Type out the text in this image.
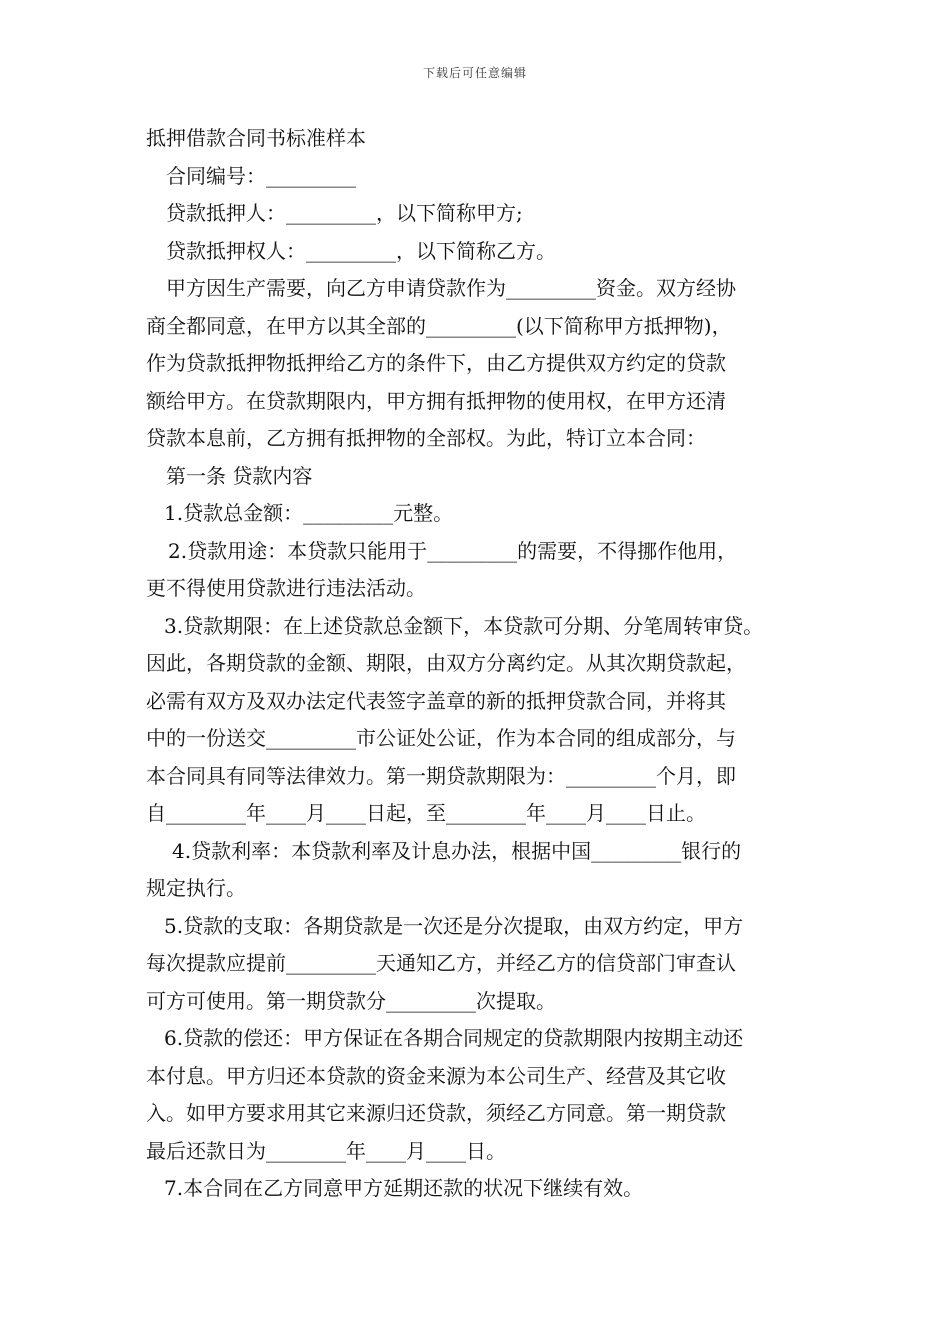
下载后可任意编辑

抵押借款合同书标准样本

合同编号：_________

贷款抵押人：_________，以下简称甲方;

贷款抵押权人：_________，以下简称乙方。

甲方因生产需要，向乙方申请贷款作为_________资金。双方经协

商全都同意，在甲方以其全部的_________(以下简称甲方抵押物)，

作为贷款抵押物抵押给乙方的条件下，由乙方提供双方约定的贷款

额给甲方。在贷款期限内，甲方拥有抵押物的使用权，在甲方还清

贷款本息前，乙方拥有抵押物的全部权。为此，特订立本合同：

第一条 贷款内容

1.贷款总金额：_________元整。

2.贷款用途：本贷款只能用于_________的需要，不得挪作他用，

更不得使用贷款进行违法活动。

3.贷款期限：在上述贷款总金额下，本贷款可分期、分笔周转审贷。

因此，各期贷款的金额、期限，由双方分离约定。从其次期贷款起，

必需有双方及双办法定代表签字盖章的新的抵押贷款合同，并将其

中的一份送交_________市公证处公证，作为本合同的组成部分，与

本合同具有同等法律效力。第一期贷款期限为：_________个月，即

自________年____月____日起，至________年____月____日止。

4.贷款利率：本贷款利率及计息办法，根据中国_________银行的

规定执行。

5.贷款的支取：各期贷款是一次还是分次提取，由双方约定，甲方

每次提款应提前_________天通知乙方，并经乙方的信贷部门审查认

可方可使用。第一期贷款分_________次提取。

6.贷款的偿还：甲方保证在各期合同规定的贷款期限内按期主动还

本付息。甲方归还本贷款的资金来源为本公司生产、经营及其它收

入。如甲方要求用其它来源归还贷款，须经乙方同意。第一期贷款

最后还款日为________年____月____日。

7.本合同在乙方同意甲方延期还款的状况下继续有效。
